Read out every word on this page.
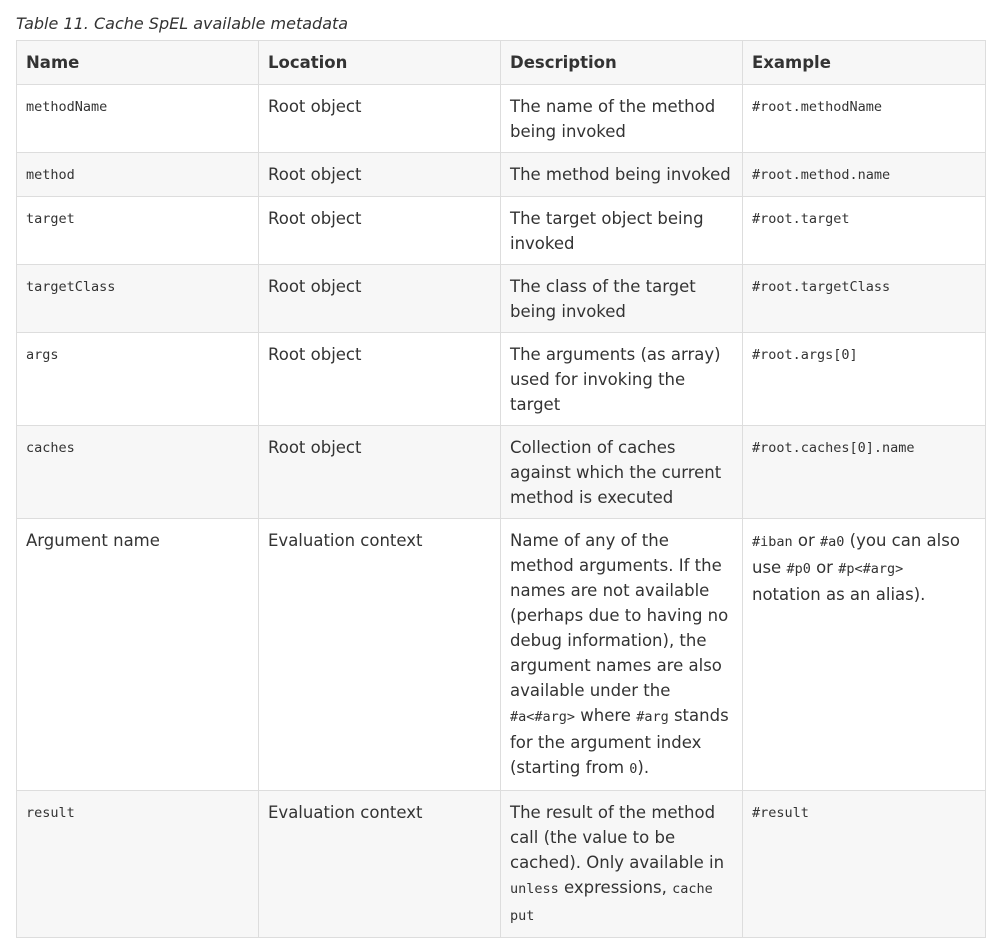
Table 11. Cache SpEL available metadata
Name	Location	Description	Example
methodName	Root object	The name of the method being invoked	#root.methodName
method	Root object	The method being invoked	#root.method.name
target	Root object	The target object being invoked	#root.target
targetClass	Root object	The class of the target being invoked	#root.targetClass
args	Root object	The arguments (as array) used for invoking the target	#root.args[0]
caches	Root object	Collection of caches against which the current method is executed	#root.caches[0].name
Argument name	Evaluation context	Name of any of the method arguments. If the names are not available (perhaps due to having no debug information), the argument names are also available under the #a<#arg> where #arg stands for the argument index (starting from 0).	#iban or #a0 (you can also use #p0 or #p<#arg> notation as an alias).
result	Evaluation context	The result of the method call (the value to be cached). Only available in unless expressions, cache put	#result
